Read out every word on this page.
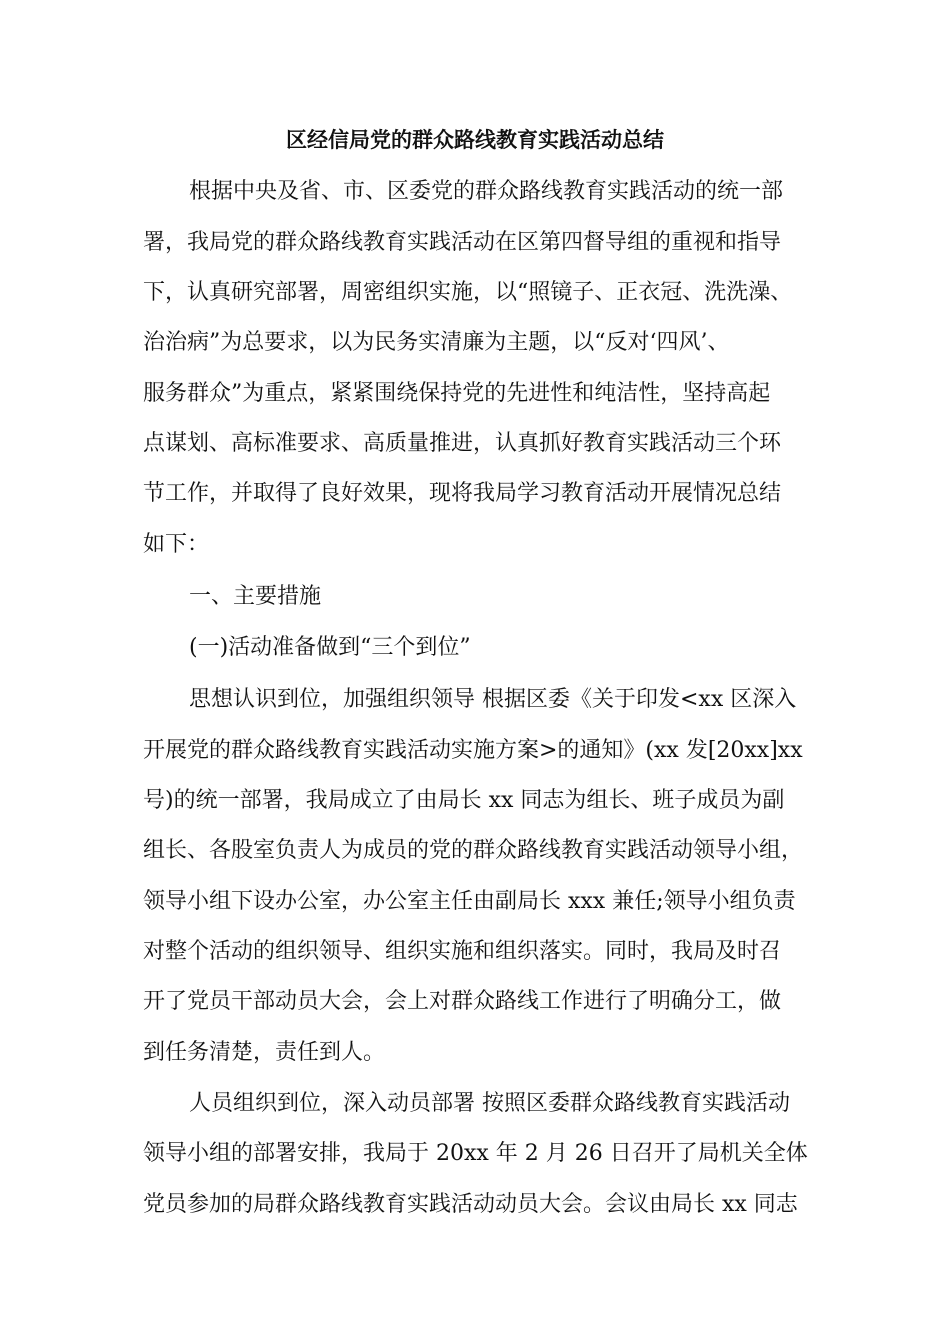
区经信局党的群众路线教育实践活动总结
根据中央及省、市、区委党的群众路线教育实践活动的统一部
署，我局党的群众路线教育实践活动在区第四督导组的重视和指导
下，认真研究部署，周密组织实施，以“照镜子、正衣冠、洗洗澡、
治治病”为总要求，以为民务实清廉为主题，以“反对‘四风’、
服务群众”为重点，紧紧围绕保持党的先进性和纯洁性，坚持高起
点谋划、高标准要求、高质量推进，认真抓好教育实践活动三个环
节工作，并取得了良好效果，现将我局学习教育活动开展情况总结
如下：
一、主要措施
(一)活动准备做到“三个到位”
思想认识到位，加强组织领导 根据区委《关于印发<xx 区深入
开展党的群众路线教育实践活动实施方案>的通知》(xx 发[20xx]xx
号)的统一部署，我局成立了由局长 xx 同志为组长、班子成员为副
组长、各股室负责人为成员的党的群众路线教育实践活动领导小组，
领导小组下设办公室，办公室主任由副局长 xxx 兼任;领导小组负责
对整个活动的组织领导、组织实施和组织落实。同时，我局及时召
开了党员干部动员大会，会上对群众路线工作进行了明确分工，做
到任务清楚，责任到人。
人员组织到位，深入动员部署 按照区委群众路线教育实践活动
领导小组的部署安排，我局于 20xx 年 2 月 26 日召开了局机关全体
党员参加的局群众路线教育实践活动动员大会。会议由局长 xx 同志
